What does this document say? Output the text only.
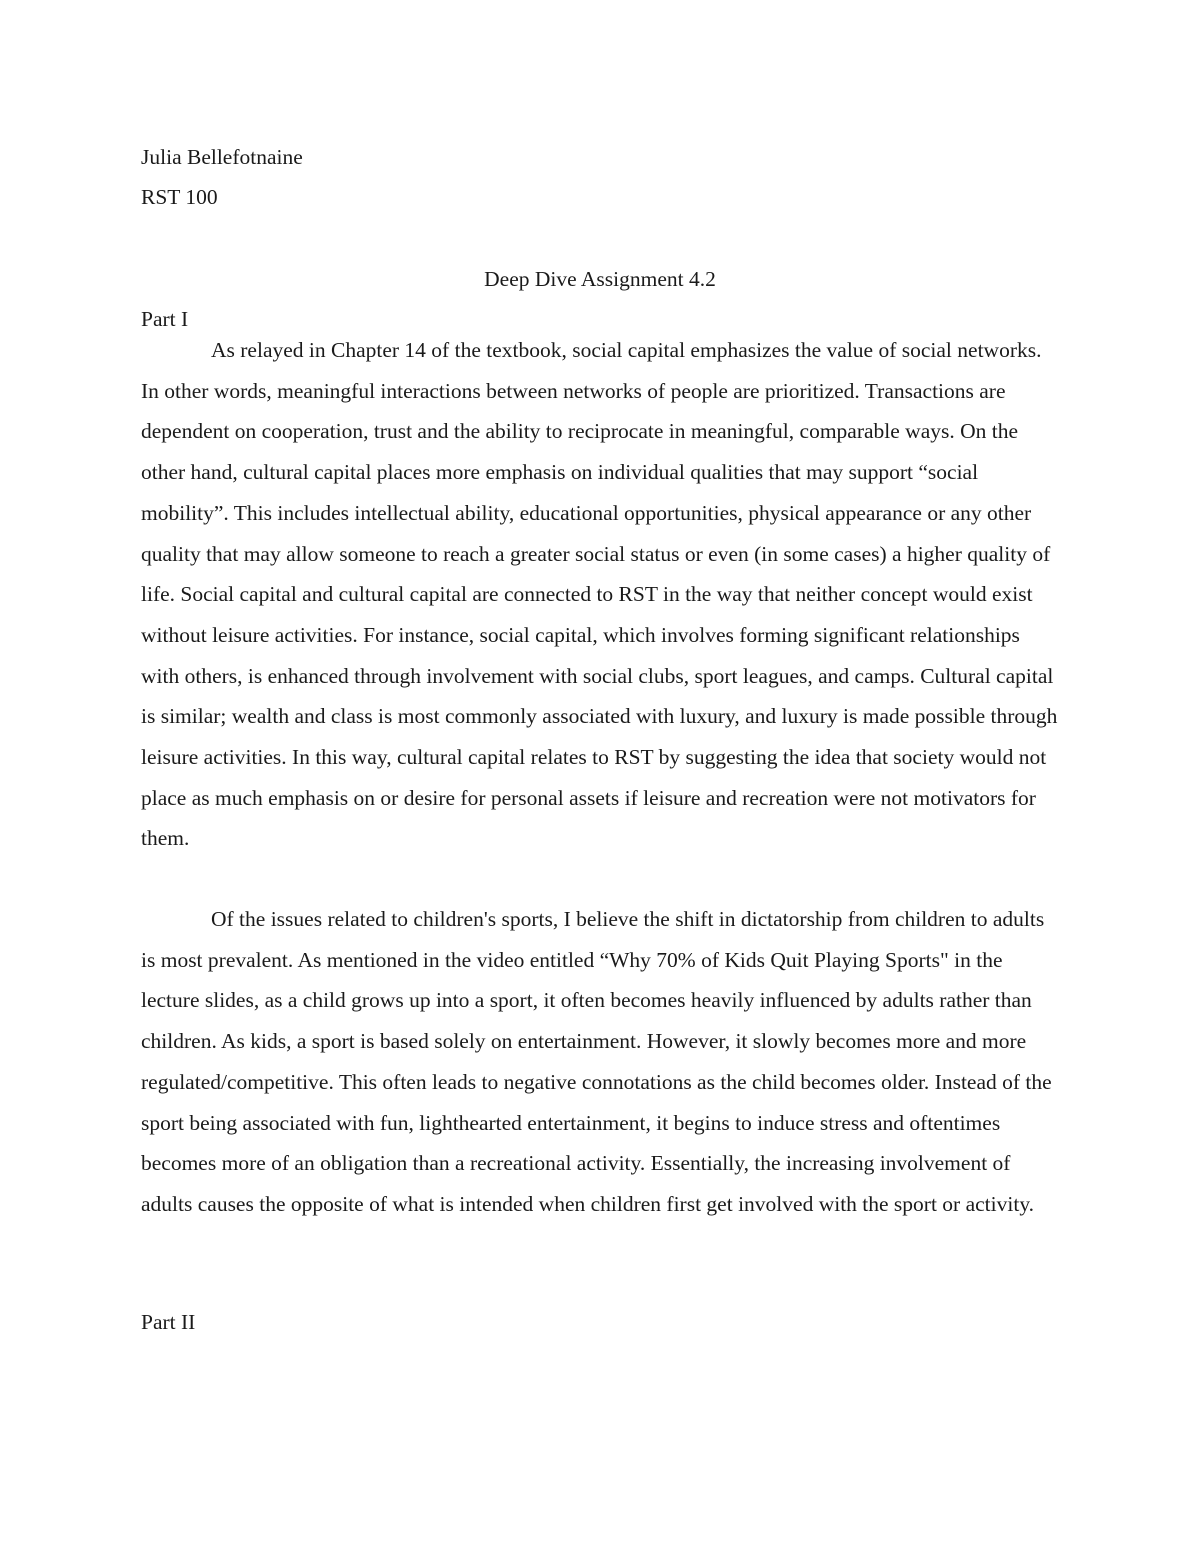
Julia Bellefotnaine

RST 100

Deep Dive Assignment 4.2

Part I

As relayed in Chapter 14 of the textbook, social capital emphasizes the value of social networks. In other words, meaningful interactions between networks of people are prioritized. Transactions are dependent on cooperation, trust and the ability to reciprocate in meaningful, comparable ways. On the other hand, cultural capital places more emphasis on individual qualities that may support “social mobility”. This includes intellectual ability, educational opportunities, physical appearance or any other quality that may allow someone to reach a greater social status or even (in some cases) a higher quality of life. Social capital and cultural capital are connected to RST in the way that neither concept would exist without leisure activities. For instance, social capital, which involves forming significant relationships with others, is enhanced through involvement with social clubs, sport leagues, and camps. Cultural capital is similar; wealth and class is most commonly associated with luxury, and luxury is made possible through leisure activities. In this way, cultural capital relates to RST by suggesting the idea that society would not place as much emphasis on or desire for personal assets if leisure and recreation were not motivators for them.

Of the issues related to children's sports, I believe the shift in dictatorship from children to adults is most prevalent. As mentioned in the video entitled “Why 70% of Kids Quit Playing Sports" in the lecture slides, as a child grows up into a sport, it often becomes heavily influenced by adults rather than children. As kids, a sport is based solely on entertainment. However, it slowly becomes more and more regulated/competitive. This often leads to negative connotations as the child becomes older. Instead of the sport being associated with fun, lighthearted entertainment, it begins to induce stress and oftentimes becomes more of an obligation than a recreational activity. Essentially, the increasing involvement of adults causes the opposite of what is intended when children first get involved with the sport or activity.

Part II
